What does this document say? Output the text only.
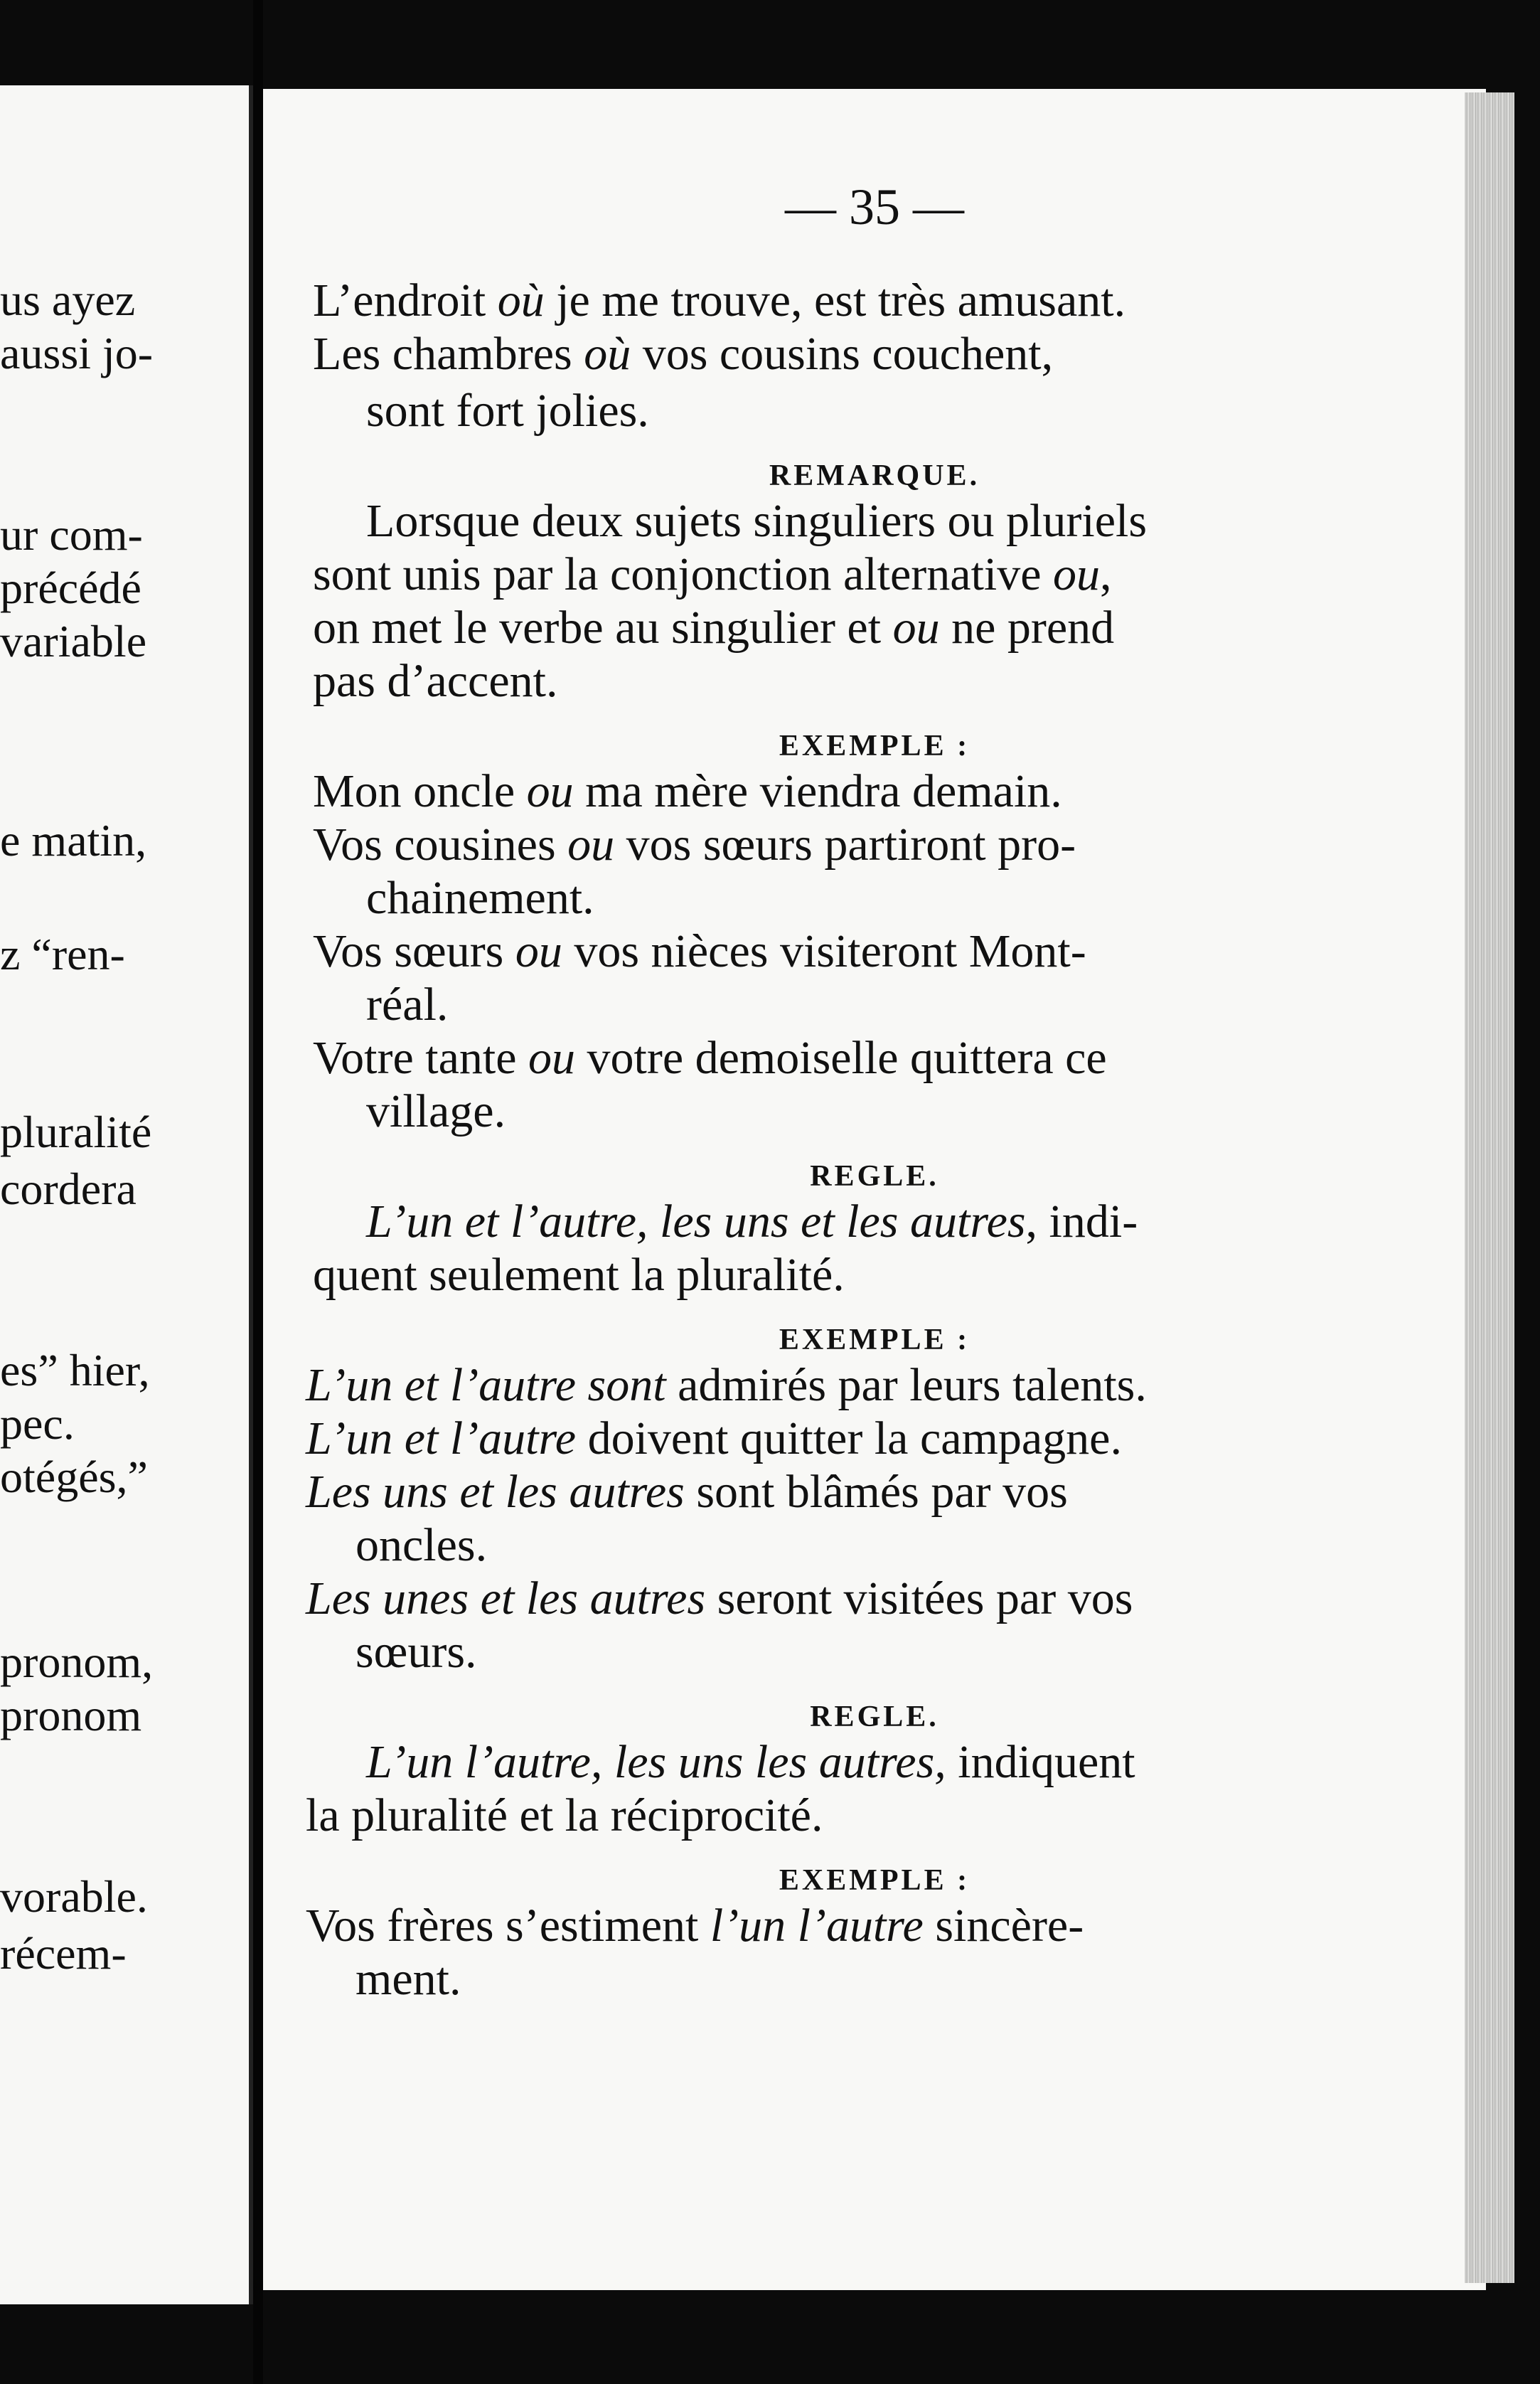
us ayez
aussi jo-
ur com-
précédé
variable
e matin,
z “ren-
pluralité
cordera
es” hier,
pec.
otégés,”
pronom,
pronom
vorable.
récem-
— 35 —
L’endroit où je me trouve, est très amusant.
Les chambres où vos cousins couchent,
sont fort jolies.
REMARQUE.
Lorsque deux sujets singuliers ou pluriels
sont unis par la conjonction alternative ou,
on met le verbe au singulier et ou ne prend
pas d’accent.
EXEMPLE :
Mon oncle ou ma mère viendra demain.
Vos cousines ou vos sœurs partiront pro-
chainement.
Vos sœurs ou vos nièces visiteront Mont-
réal.
Votre tante ou votre demoiselle quittera ce
village.
REGLE.
L’un et l’autre, les uns et les autres, indi-
quent seulement la pluralité.
EXEMPLE :
L’un et l’autre sont admirés par leurs talents.
L’un et l’autre doivent quitter la campagne.
Les uns et les autres sont blâmés par vos
oncles.
Les unes et les autres seront visitées par vos
sœurs.
REGLE.
L’un l’autre, les uns les autres, indiquent
la pluralité et la réciprocité.
EXEMPLE :
Vos frères s’estiment l’un l’autre sincère-
ment.
